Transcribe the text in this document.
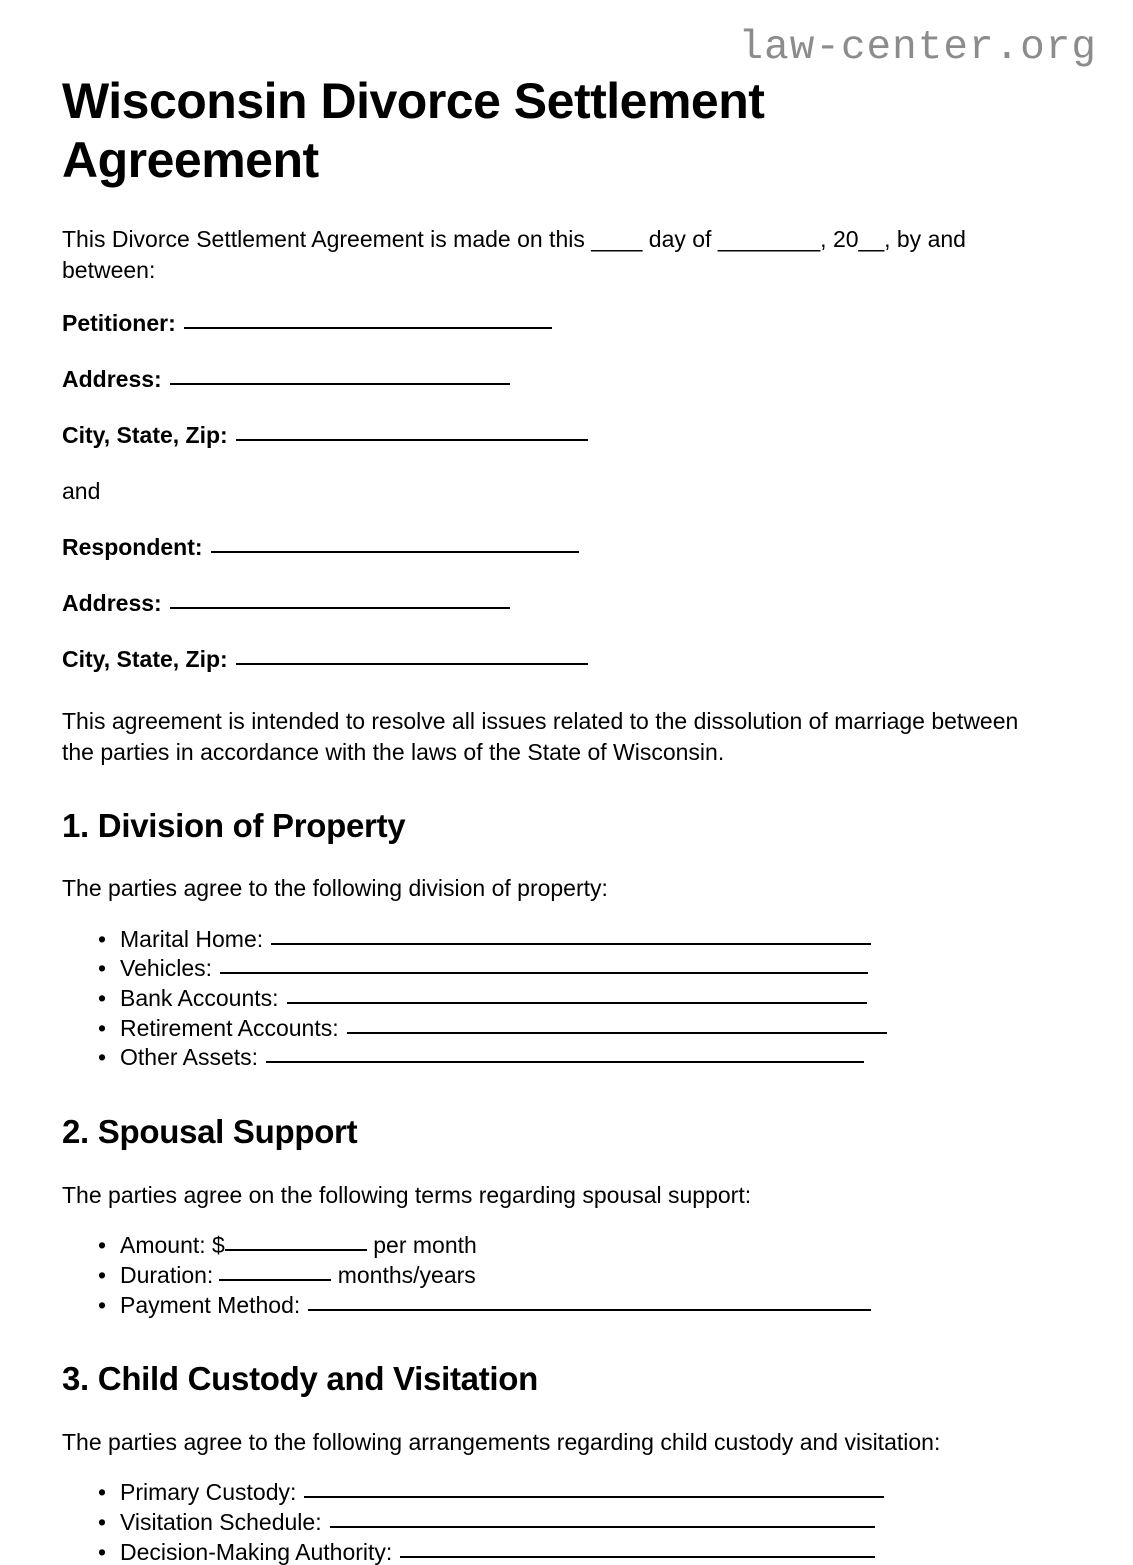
law-center.org
Wisconsin Divorce Settlement Agreement

This Divorce Settlement Agreement is made on this ____ day of ________, 20__, by and between:

Petitioner:
Address:
City, State, Zip:
and
Respondent:
Address:
City, State, Zip:

This agreement is intended to resolve all issues related to the dissolution of marriage between the parties in accordance with the laws of the State of Wisconsin.

1. Division of Property

The parties agree to the following division of property:

• Marital Home:
• Vehicles:
• Bank Accounts:
• Retirement Accounts:
• Other Assets:
2. Spousal Support

The parties agree on the following terms regarding spousal support:

• Amount: $	per month
• Duration:	months/years
• Payment Method:
3. Child Custody and Visitation

The parties agree to the following arrangements regarding child custody and visitation:

• Primary Custody:
• Visitation Schedule:
• Decision-Making Authority:
